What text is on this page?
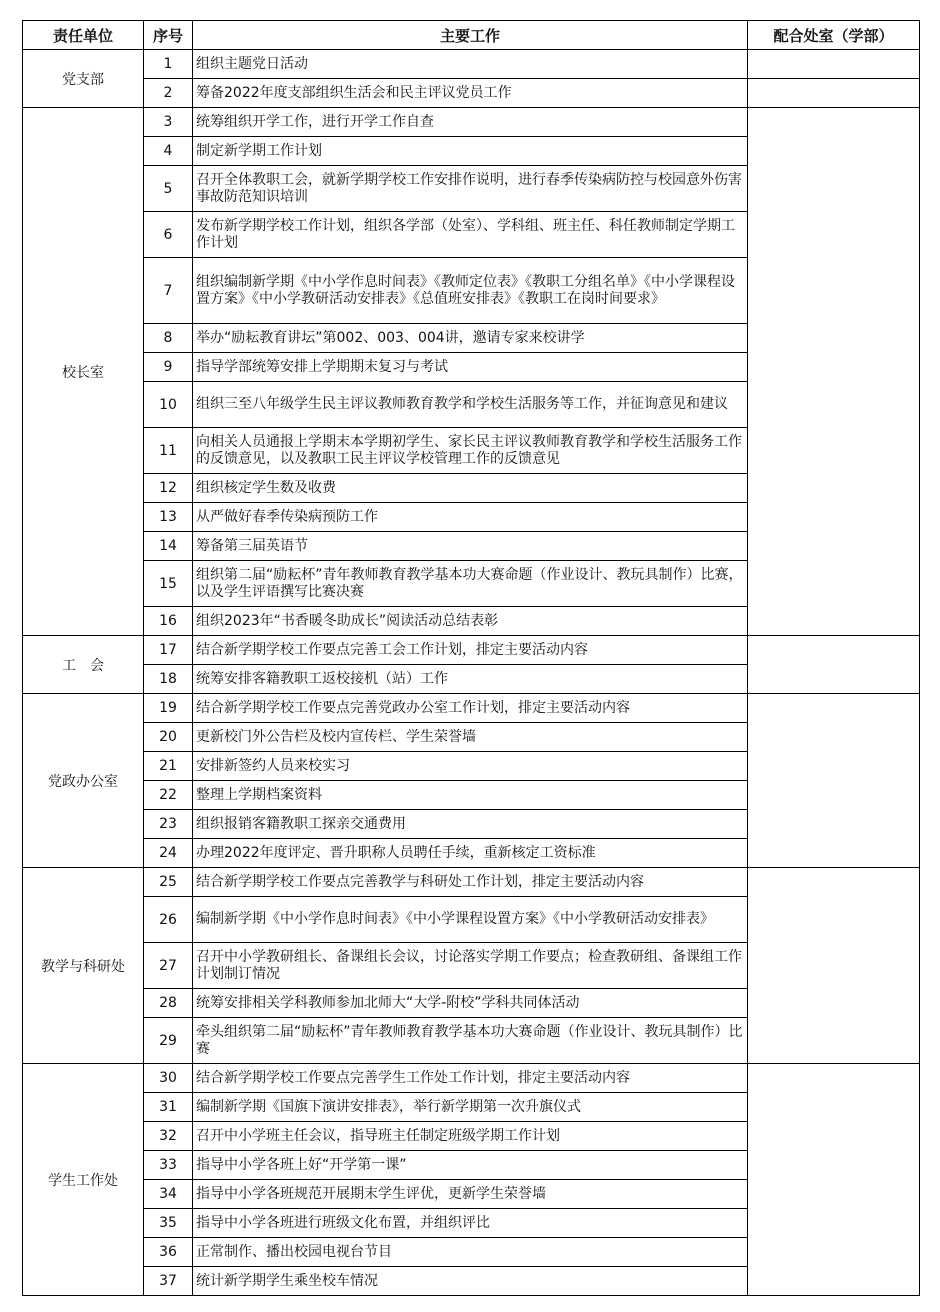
责任单位	序号	主要工作	配合处室（学部）
党支部	1	组织主题党日活动	
	2	筹备2022年度支部组织生活会和民主评议党员工作	
校长室	3	统筹组织开学工作，进行开学工作自查	
	4	制定新学期工作计划	
	5	召开全体教职工会，就新学期学校工作安排作说明，进行春季传染病防控与校园意外伤害事故防范知识培训	
	6	发布新学期学校工作计划，组织各学部（处室）、学科组、班主任、科任教师制定学期工作计划	
	7	组织编制新学期《中小学作息时间表》《教师定位表》《教职工分组名单》《中小学课程设置方案》《中小学教研活动安排表》《总值班安排表》《教职工在岗时间要求》	
	8	举办“励耘教育讲坛”第002、003、004讲，邀请专家来校讲学	
	9	指导学部统筹安排上学期期末复习与考试	
	10	组织三至八年级学生民主评议教师教育教学和学校生活服务等工作，并征询意见和建议	
	11	向相关人员通报上学期末本学期初学生、家长民主评议教师教育教学和学校生活服务工作的反馈意见，以及教职工民主评议学校管理工作的反馈意见	
	12	组织核定学生数及收费	
	13	从严做好春季传染病预防工作	
	14	筹备第三届英语节	
	15	组织第二届“励耘杯”青年教师教育教学基本功大赛命题（作业设计、教玩具制作）比赛，以及学生评语撰写比赛决赛	
	16	组织2023年“书香暖冬助成长”阅读活动总结表彰	
工　会	17	结合新学期学校工作要点完善工会工作计划，排定主要活动内容	
	18	统筹安排客籍教职工返校接机（站）工作	
党政办公室	19	结合新学期学校工作要点完善党政办公室工作计划，排定主要活动内容	
	20	更新校门外公告栏及校内宣传栏、学生荣誉墙	
	21	安排新签约人员来校实习	
	22	整理上学期档案资料	
	23	组织报销客籍教职工探亲交通费用	
	24	办理2022年度评定、晋升职称人员聘任手续，重新核定工资标准	
教学与科研处	25	结合新学期学校工作要点完善教学与科研处工作计划，排定主要活动内容	
	26	编制新学期《中小学作息时间表》《中小学课程设置方案》《中小学教研活动安排表》	
	27	召开中小学教研组长、备课组长会议，讨论落实学期工作要点；检查教研组、备课组工作计划制订情况	
	28	统筹安排相关学科教师参加北师大“大学-附校”学科共同体活动	
	29	牵头组织第二届“励耘杯”青年教师教育教学基本功大赛命题（作业设计、教玩具制作）比赛	
学生工作处	30	结合新学期学校工作要点完善学生工作处工作计划，排定主要活动内容	
	31	编制新学期《国旗下演讲安排表》，举行新学期第一次升旗仪式	
	32	召开中小学班主任会议，指导班主任制定班级学期工作计划	
	33	指导中小学各班上好“开学第一课”	
	34	指导中小学各班规范开展期末学生评优，更新学生荣誉墙	
	35	指导中小学各班进行班级文化布置，并组织评比	
	36	正常制作、播出校园电视台节目	
	37	统计新学期学生乘坐校车情况	
